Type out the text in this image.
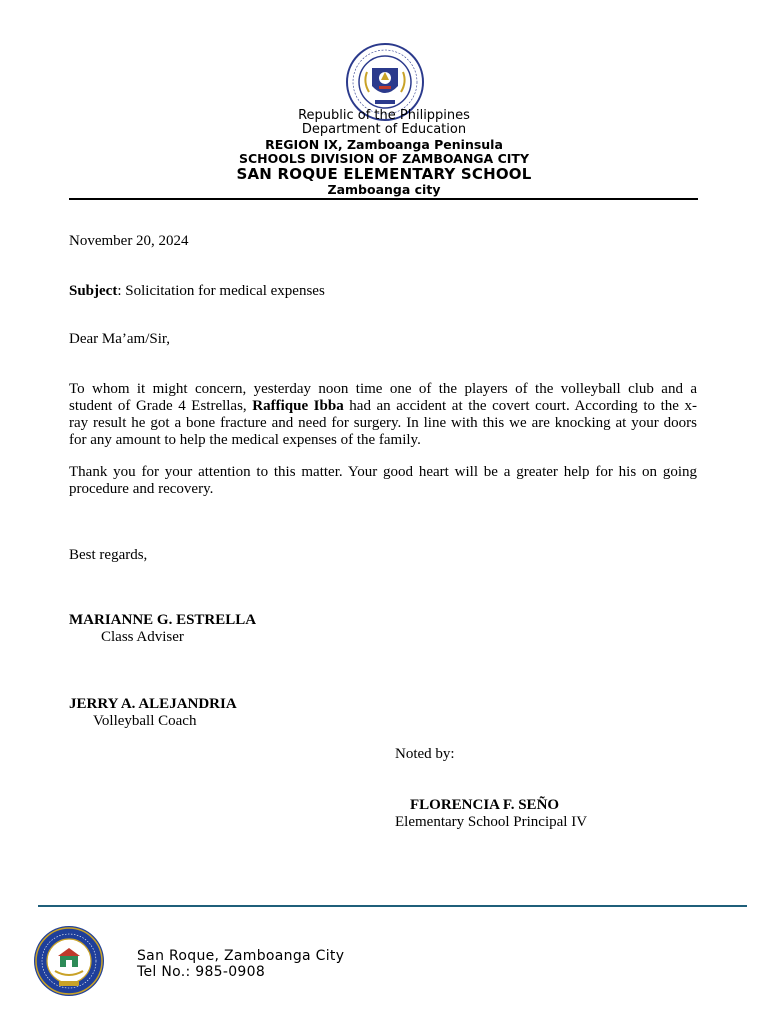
Republic of the Philippines
Department of Education
REGION IX, Zamboanga Peninsula
SCHOOLS DIVISION OF ZAMBOANGA CITY
SAN ROQUE ELEMENTARY SCHOOL
Zamboanga city
November 20, 2024
Subject: Solicitation for medical expenses
Dear Ma’am/Sir,
To whom it might concern, yesterday noon time one of the players of the volleyball club and a
student of Grade 4 Estrellas, Raffique Ibba had an accident at the covert court. According to the x-
ray result he got a bone fracture and need for surgery. In line with this we are knocking at your doors
for any amount to help the medical expenses of the family.
Thank you for your attention to this matter. Your good heart will be a greater help for his on going
procedure and recovery.
Best regards,
MARIANNE G. ESTRELLA
Class Adviser
JERRY A. ALEJANDRIA
Volleyball Coach
Noted by:
FLORENCIA F. SEÑO
Elementary School Principal IV
San Roque, Zamboanga City
Tel No.: 985-0908
